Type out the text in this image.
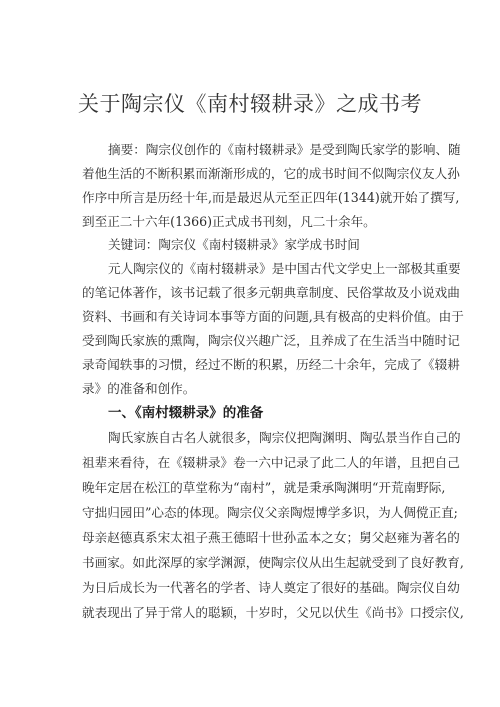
关于陶宗仪《南村辍耕录》之成书考
摘要：陶宗仪创作的《南村辍耕录》是受到陶氏家学的影响、随
着他生活的不断积累而渐渐形成的，它的成书时间不似陶宗仪友人孙
作序中所言是历经十年,而是最迟从元至正四年(1344)就开始了撰写,
到至正二十六年(1366)正式成书刊刻，凡二十余年。
关键词：陶宗仪《南村辍耕录》家学成书时间
元人陶宗仪的《南村辍耕录》是中国古代文学史上一部极其重要
的笔记体著作，该书记载了很多元朝典章制度、民俗掌故及小说戏曲
资料、书画和有关诗词本事等方面的问题,具有极高的史料价值。由于
受到陶氏家族的熏陶，陶宗仪兴趣广泛，且养成了在生活当中随时记
录奇闻轶事的习惯，经过不断的积累，历经二十余年，完成了《辍耕
录》的准备和创作。
一、《南村辍耕录》的准备
陶氏家族自古名人就很多，陶宗仪把陶渊明、陶弘景当作自己的
祖辈来看待，在《辍耕录》卷一六中记录了此二人的年谱，且把自己
晚年定居在松江的草堂称为“南村”，就是秉承陶渊明“开荒南野际,
守拙归园田”心态的体现。陶宗仪父亲陶煜博学多识，为人倜傥正直;
母亲赵德真系宋太祖子燕王德昭十世孙孟本之女；舅父赵雍为著名的
书画家。如此深厚的家学渊源，使陶宗仪从出生起就受到了良好教育,
为日后成长为一代著名的学者、诗人奠定了很好的基础。陶宗仪自幼
就表现出了异于常人的聪颖，十岁时，父兄以伏生《尚书》口授宗仪,
